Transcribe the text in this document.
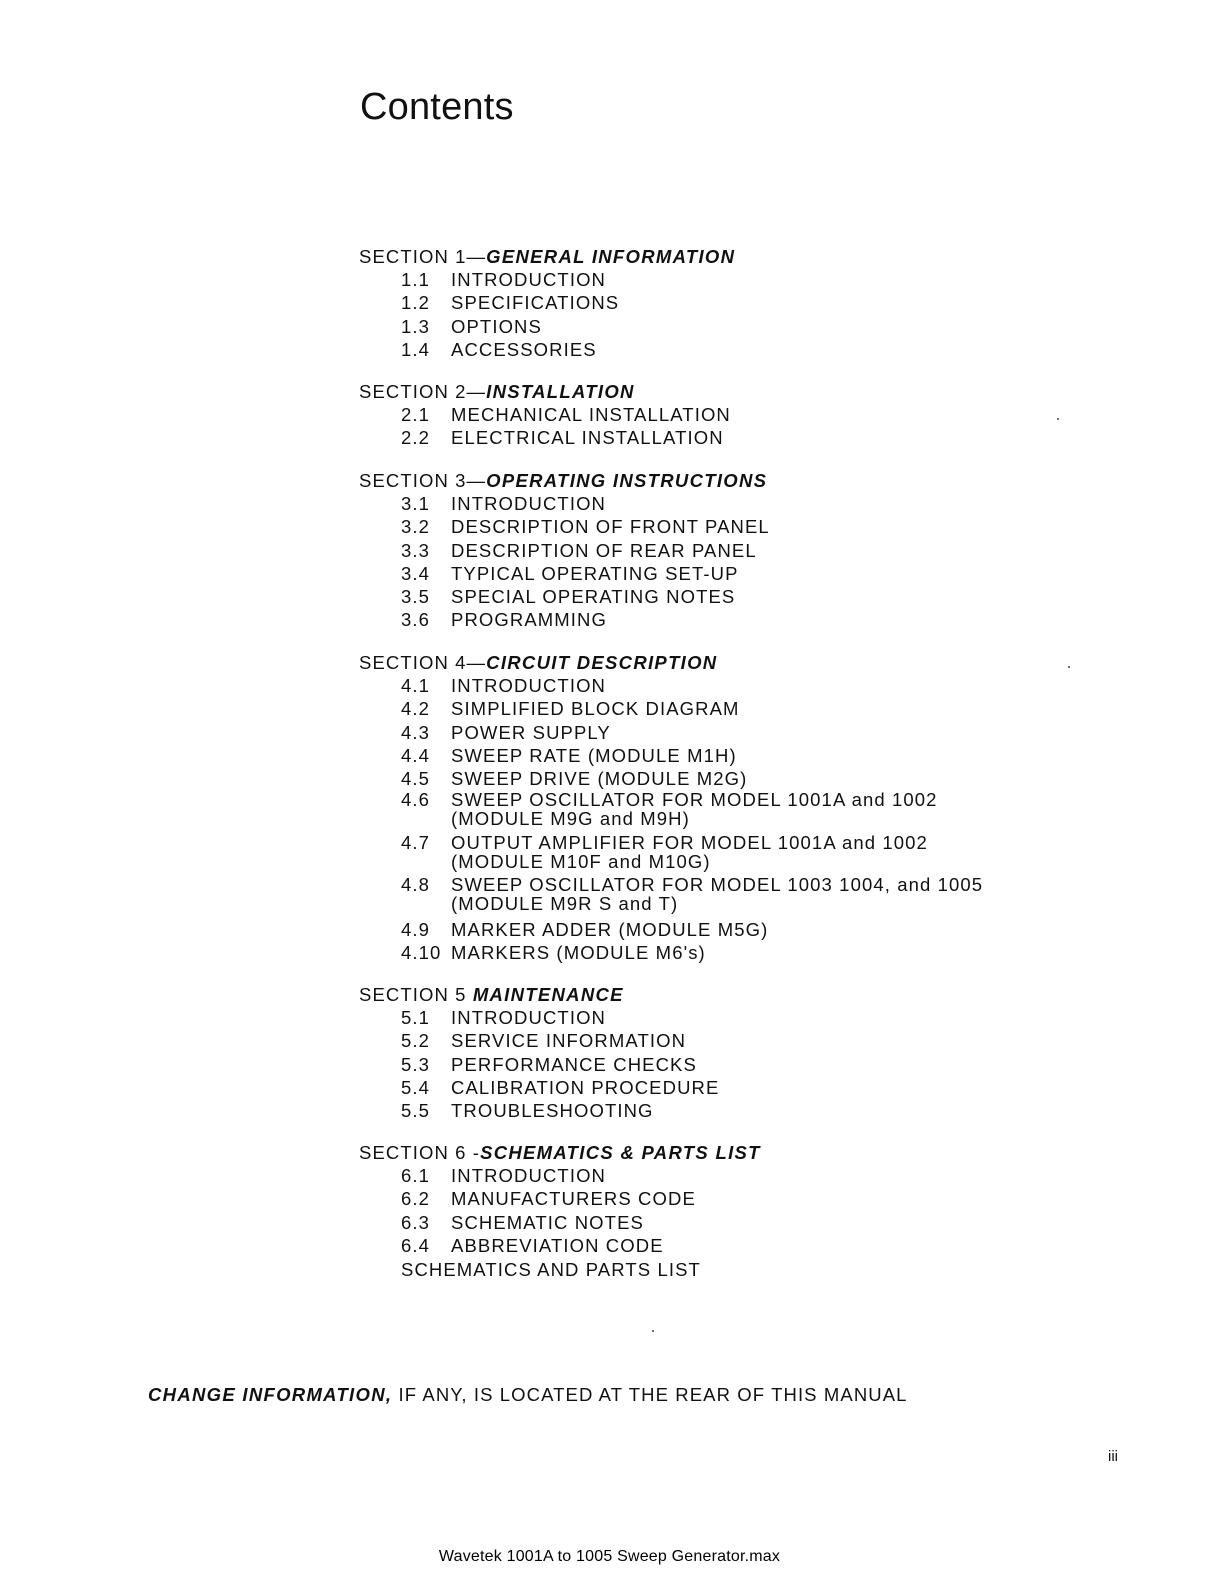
Contents
SECTION 1—GENERAL INFORMATION
1.1	INTRODUCTION
1.2	SPECIFICATIONS
1.3	OPTIONS
1.4	ACCESSORIES
SECTION 2—INSTALLATION
2.1	MECHANICAL INSTALLATION
2.2	ELECTRICAL INSTALLATION
SECTION 3—OPERATING INSTRUCTIONS
3.1	INTRODUCTION
3.2	DESCRIPTION OF FRONT PANEL
3.3	DESCRIPTION OF REAR PANEL
3.4	TYPICAL OPERATING SET-UP
3.5	SPECIAL OPERATING NOTES
3.6	PROGRAMMING
SECTION 4—CIRCUIT DESCRIPTION
4.1	INTRODUCTION
4.2	SIMPLIFIED BLOCK DIAGRAM
4.3	POWER SUPPLY
4.4	SWEEP RATE (MODULE M1H)
4.5	SWEEP DRIVE (MODULE M2G)
4.6	SWEEP OSCILLATOR FOR MODEL 1001A and 1002
(MODULE M9G and M9H)
4.7	OUTPUT AMPLIFIER FOR MODEL 1001A and 1002
(MODULE M10F and M10G)
4.8	SWEEP OSCILLATOR FOR MODEL 1003 1004, and 1005
(MODULE M9R S and T)
4.9	MARKER ADDER (MODULE M5G)
4.10 MARKERS (MODULE M6's)
SECTION 5 MAINTENANCE
5.1	INTRODUCTION
5.2	SERVICE INFORMATION
5.3	PERFORMANCE CHECKS
5.4	CALIBRATION PROCEDURE
5.5	TROUBLESHOOTING
SECTION 6 -SCHEMATICS & PARTS LIST
6.1	INTRODUCTION
6.2	MANUFACTURERS CODE
6.3	SCHEMATIC NOTES
6.4	ABBREVIATION CODE
SCHEMATICS AND PARTS LIST
CHANGE INFORMATION, IF ANY, IS LOCATED AT THE REAR OF THIS MANUAL
iii
Wavetek 1001A to 1005 Sweep Generator.max
